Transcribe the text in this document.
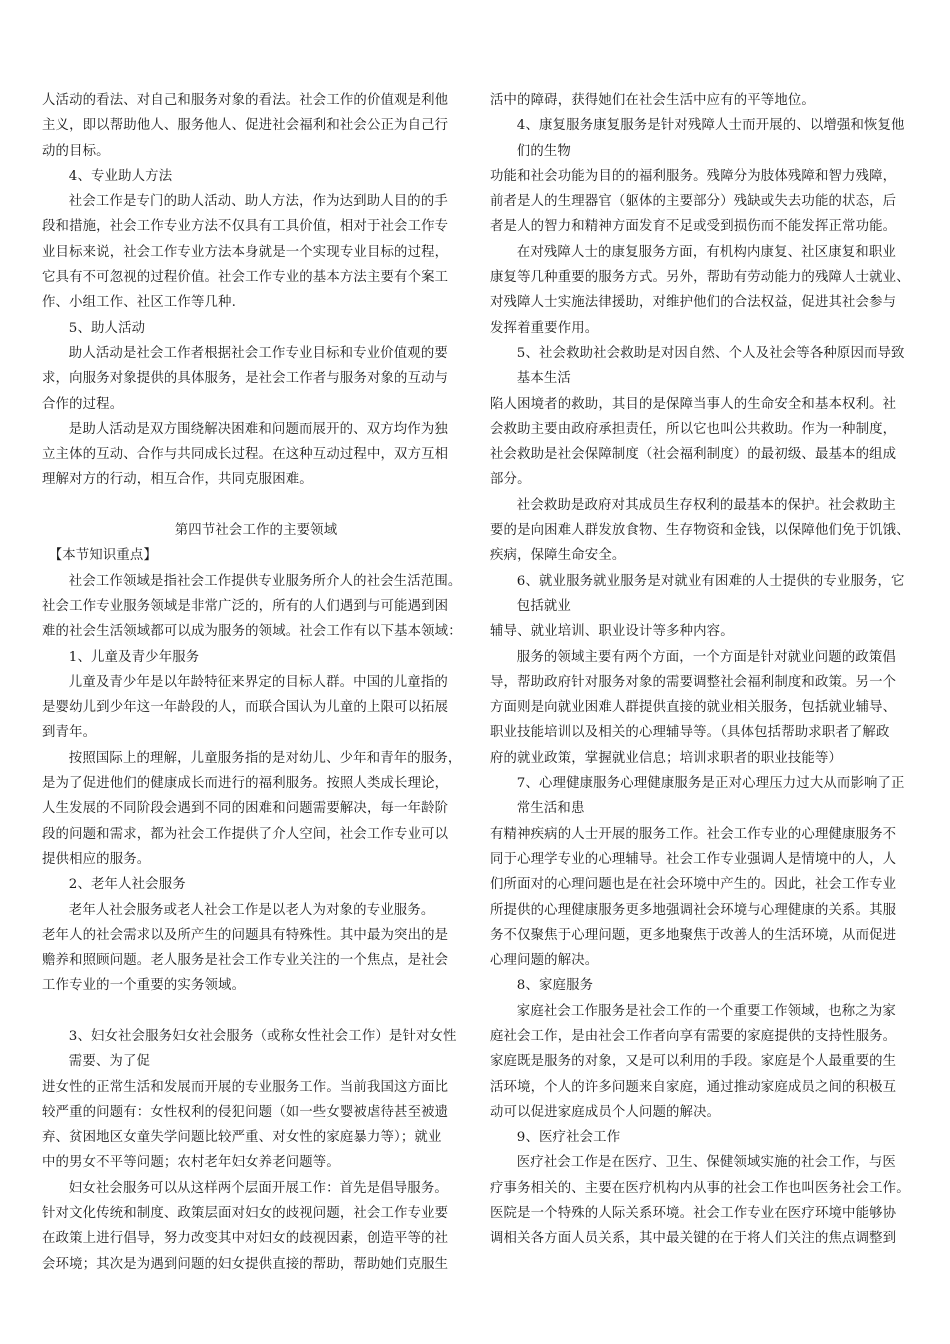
人活动的看法、对自己和服务对象的看法。社会工作的价值观是利他
主义，即以帮助他人、服务他人、促进社会福利和社会公正为自己行
动的目标。
4、专业助人方法
社会工作是专门的助人活动、助人方法，作为达到助人目的的手
段和措施，社会工作专业方法不仅具有工具价值，相对于社会工作专
业目标来说，社会工作专业方法本身就是一个实现专业目标的过程，
它具有不可忽视的过程价值。社会工作专业的基本方法主要有个案工
作、小组工作、社区工作等几种.
5、助人活动
助人活动是社会工作者根据社会工作专业目标和专业价值观的要
求，向服务对象提供的具体服务，是社会工作者与服务对象的互动与
合作的过程。
是助人活动是双方围绕解决困难和问题而展开的、双方均作为独
立主体的互动、合作与共同成长过程。在这种互动过程中，双方互相
理解对方的行动，相互合作，共同克服困难。
第四节社会工作的主要领域
【本节知识重点】
社会工作领域是指社会工作提供专业服务所介人的社会生活范围。
社会工作专业服务领域是非常广泛的，所有的人们遇到与可能遇到困
难的社会生活领域都可以成为服务的领域。社会工作有以下基本领域：
1、儿童及青少年服务
儿童及青少年是以年龄特征来界定的目标人群。中国的儿童指的
是婴幼儿到少年这一年龄段的人，而联合国认为儿童的上限可以拓展
到青年。
按照国际上的理解，儿童服务指的是对幼儿、少年和青年的服务，
是为了促进他们的健康成长而进行的福利服务。按照人类成长理论，
人生发展的不同阶段会遇到不同的困难和问题需要解决，每一年龄阶
段的问题和需求，都为社会工作提供了介人空间，社会工作专业可以
提供相应的服务。
2、老年人社会服务
老年人社会服务或老人社会工作是以老人为对象的专业服务。
老年人的社会需求以及所产生的问题具有特殊性。其中最为突出的是
赡养和照顾问题。老人服务是社会工作专业关注的一个焦点，是社会
工作专业的一个重要的实务领域。
3、妇女社会服务妇女社会服务（或称女性社会工作）是针对女性
需要、为了促
进女性的正常生活和发展而开展的专业服务工作。当前我国这方面比
较严重的问题有：女性权利的侵犯问题（如一些女婴被虐待甚至被遗
弃、贫困地区女童失学问题比较严重、对女性的家庭暴力等）；就业
中的男女不平等问题；农村老年妇女养老问题等。
妇女社会服务可以从这样两个层面开展工作：首先是倡导服务。
针对文化传统和制度、政策层面对妇女的歧视问题，社会工作专业要
在政策上进行倡导，努力改变其中对妇女的歧视因素，创造平等的社
会环境；其次是为遇到问题的妇女提供直接的帮助，帮助她们克服生
活中的障碍，获得她们在社会生活中应有的平等地位。
4、康复服务康复服务是针对残障人士而开展的、以增强和恢复他
们的生物
功能和社会功能为目的的福利服务。残障分为肢体残障和智力残障，
前者是人的生理器官（躯体的主要部分）残缺或失去功能的状态，后
者是人的智力和精神方面发育不足或受到损伤而不能发挥正常功能。
在对残障人士的康复服务方面，有机构内康复、社区康复和职业
康复等几种重要的服务方式。另外，帮助有劳动能力的残障人士就业、
对残障人士实施法律援助，对维护他们的合法权益，促进其社会参与
发挥着重要作用。
5、社会救助社会救助是对因自然、个人及社会等各种原因而导致
基本生活
陷人困境者的救助，其目的是保障当事人的生命安全和基本权利。社
会救助主要由政府承担责任，所以它也叫公共救助。作为一种制度，
社会救助是社会保障制度（社会福利制度）的最初级、最基本的组成
部分。
社会救助是政府对其成员生存权利的最基本的保护。社会救助主
要的是向困难人群发放食物、生存物资和金钱，以保障他们免于饥饿、
疾病，保障生命安全。
6、就业服务就业服务是对就业有困难的人士提供的专业服务，它
包括就业
辅导、就业培训、职业设计等多种内容。
服务的领域主要有两个方面，一个方面是针对就业问题的政策倡
导，帮助政府针对服务对象的需要调整社会福利制度和政策。另一个
方面则是向就业困难人群提供直接的就业相关服务，包括就业辅导、
职业技能培训以及相关的心理辅导等。（具体包括帮助求职者了解政
府的就业政策，掌握就业信息；培训求职者的职业技能等）
7、心理健康服务心理健康服务是正对心理压力过大从而影响了正
常生活和患
有精神疾病的人士开展的服务工作。社会工作专业的心理健康服务不
同于心理学专业的心理辅导。社会工作专业强调人是情境中的人，人
们所面对的心理问题也是在社会环境中产生的。因此，社会工作专业
所提供的心理健康服务更多地强调社会环境与心理健康的关系。其服
务不仅聚焦于心理问题，更多地聚焦于改善人的生活环境，从而促进
心理问题的解决。
8、家庭服务
家庭社会工作服务是社会工作的一个重要工作领域，也称之为家
庭社会工作，是由社会工作者向享有需要的家庭提供的支持性服务。
家庭既是服务的对象，又是可以利用的手段。家庭是个人最重要的生
活环境，个人的许多问题来自家庭，通过推动家庭成员之间的积极互
动可以促进家庭成员个人问题的解决。
9、医疗社会工作
医疗社会工作是在医疗、卫生、保健领域实施的社会工作，与医
疗事务相关的、主要在医疗机构内从事的社会工作也叫医务社会工作。
医院是一个特殊的人际关系环境。社会工作专业在医疗环境中能够协
调相关各方面人员关系，其中最关键的在于将人们关注的焦点调整到
